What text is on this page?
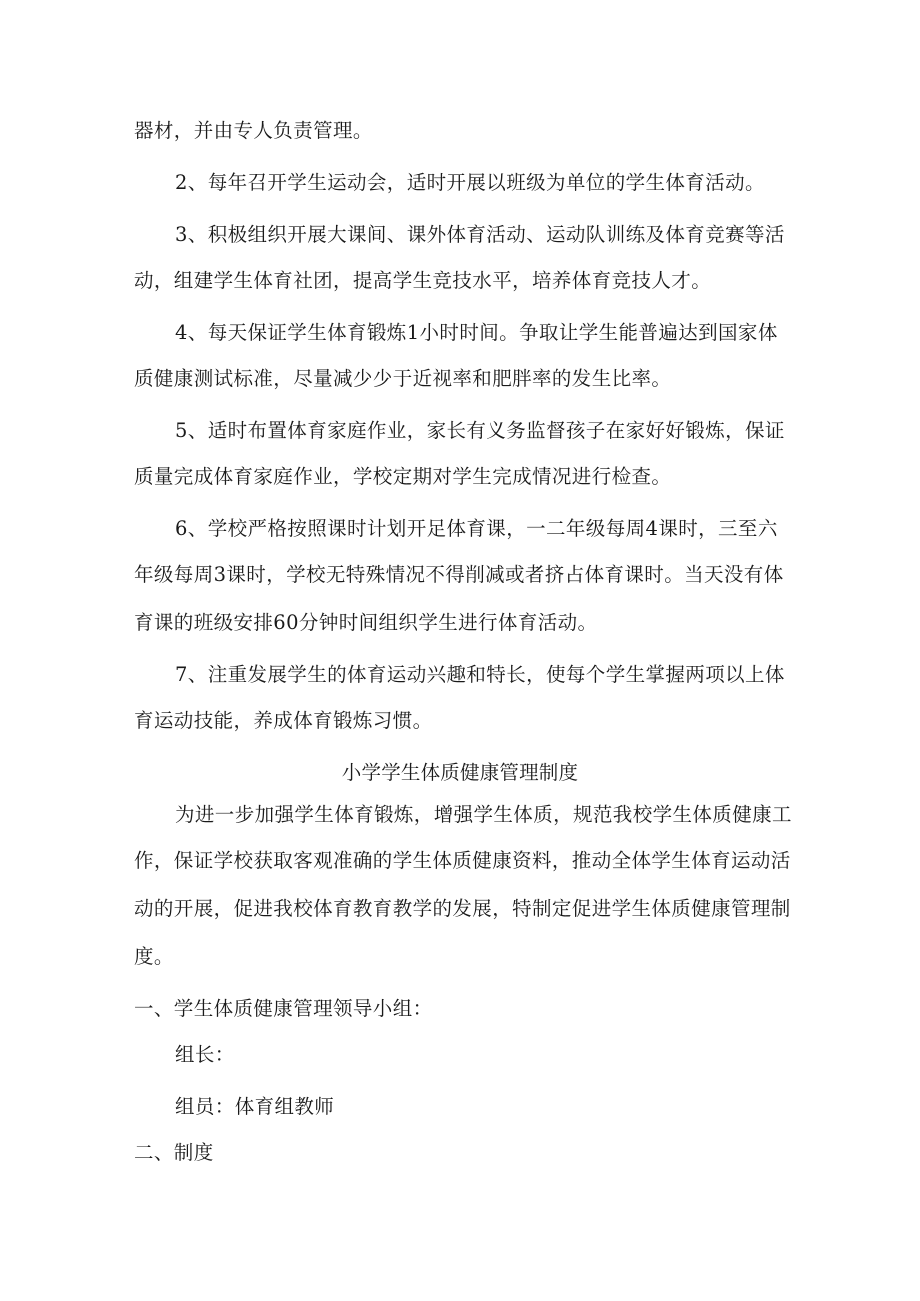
器材，并由专人负责管理。
2、每年召开学生运动会，适时开展以班级为单位的学生体育活动。
3、积极组织开展大课间、课外体育活动、运动队训练及体育竞赛等活
动，组建学生体育社团，提高学生竞技水平，培养体育竞技人才。
4、每天保证学生体育锻炼1小时时间。争取让学生能普遍达到国家体
质健康测试标准，尽量减少少于近视率和肥胖率的发生比率。
5、适时布置体育家庭作业，家长有义务监督孩子在家好好锻炼，保证
质量完成体育家庭作业，学校定期对学生完成情况进行检查。
6、学校严格按照课时计划开足体育课，一二年级每周4课时，三至六
年级每周3课时，学校无特殊情况不得削减或者挤占体育课时。当天没有体
育课的班级安排60分钟时间组织学生进行体育活动。
7、注重发展学生的体育运动兴趣和特长，使每个学生掌握两项以上体
育运动技能，养成体育锻炼习惯。
小学学生体质健康管理制度
为进一步加强学生体育锻炼，增强学生体质，规范我校学生体质健康工
作，保证学校获取客观准确的学生体质健康资料，推动全体学生体育运动活
动的开展，促进我校体育教育教学的发展，特制定促进学生体质健康管理制
度。
一、学生体质健康管理领导小组：
组长：
组员：体育组教师
二、制度
